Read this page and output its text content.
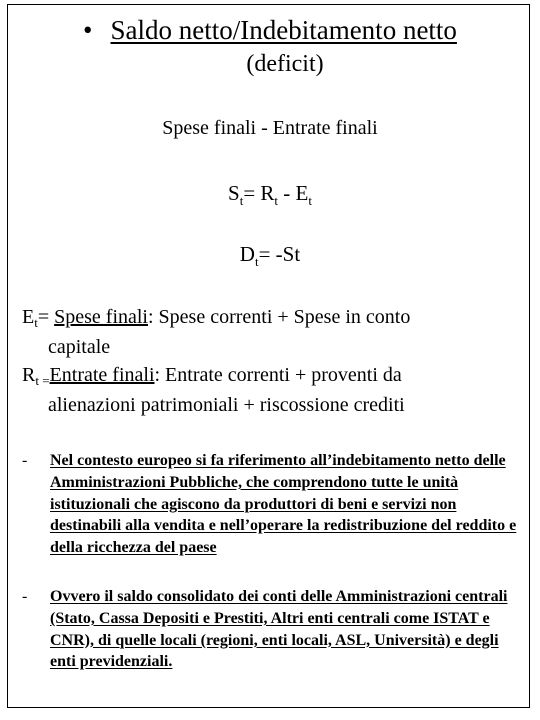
• Saldo netto/Indebitamento netto
(deficit)
Spese finali - Entrate finali
$S_t= R_t - E_t$
$D_t= -St$
$E_t=$ Spese finali: Spese correnti + Spese in conto
capitale
$R_{t =}Entrate$ finali: Entrate correnti + proventi da
alienazioni patrimoniali + riscossione crediti
- Nel contesto europeo si fa riferimento all’indebitamento netto delle Amministrazioni Pubbliche, che comprendono tutte le unità istituzionali che agiscono da produttori di beni e servizi non destinabili alla vendita e nell’operare la redistribuzione del reddito e della ricchezza del paese
- Ovvero il saldo consolidato dei conti delle Amministrazioni centrali (Stato, Cassa Depositi e Prestiti, Altri enti centrali come ISTAT e CNR), di quelle locali (regioni, enti locali, ASL, Università) e degli enti previdenziali.
